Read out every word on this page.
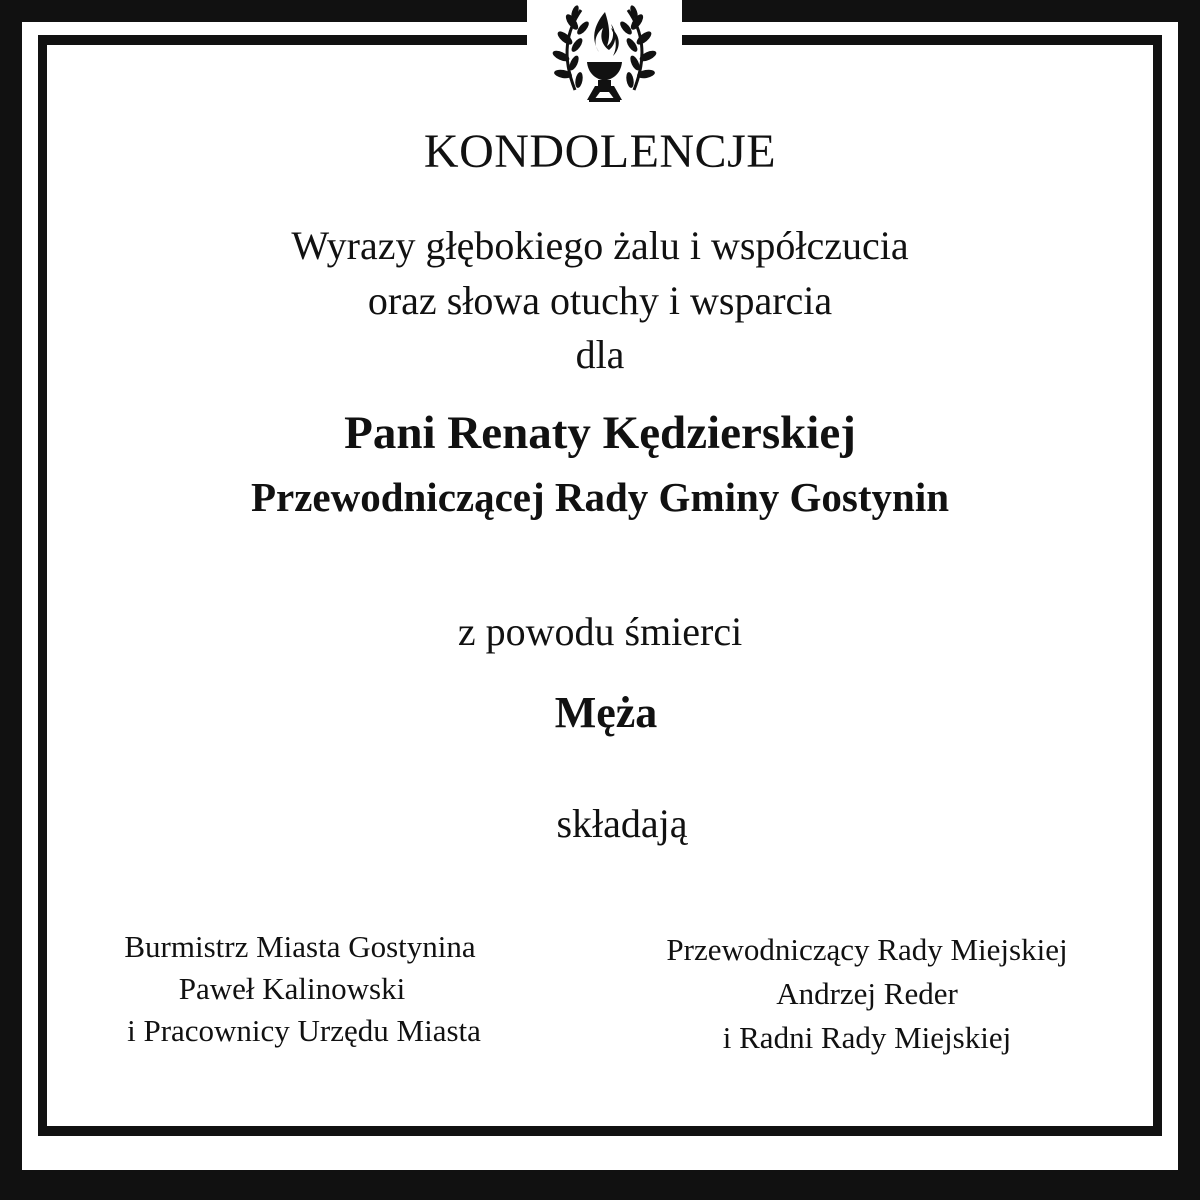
KONDOLENCJE
Wyrazy głębokiego żalu i współczucia
oraz słowa otuchy i wsparcia
dla
Pani Renaty Kędzierskiej
Przewodniczącej Rady Gminy Gostynin
z powodu śmierci
Męża
składają
Burmistrz Miasta Gostynina
Paweł Kalinowski
i Pracownicy Urzędu Miasta
Przewodniczący Rady Miejskiej
Andrzej Reder
i Radni Rady Miejskiej
